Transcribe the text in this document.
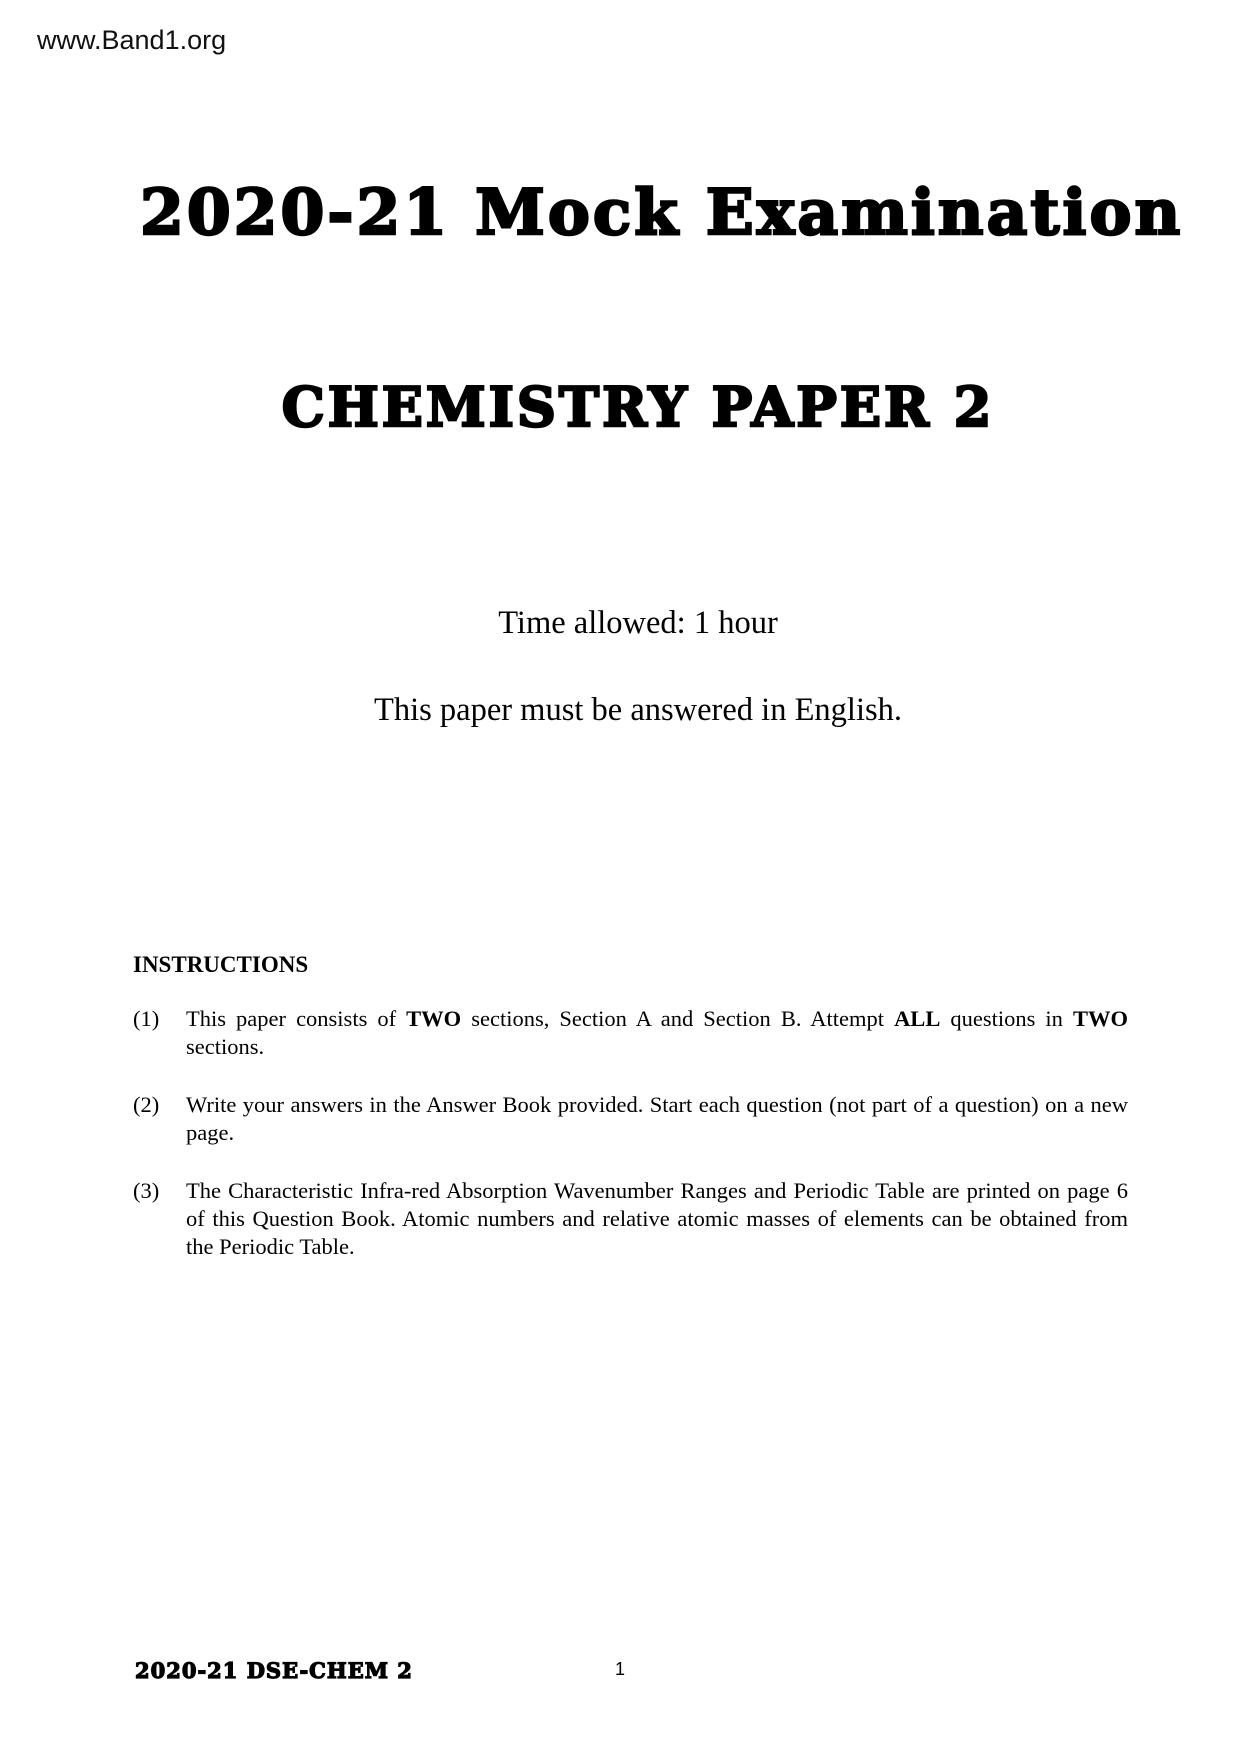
www.Band1.org
2020-21 Mock Examination
CHEMISTRY PAPER 2
Time allowed: 1 hour
This paper must be answered in English.
INSTRUCTIONS
(1) This paper consists of TWO sections, Section A and Section B. Attempt ALL questions in TWO sections.
(2) Write your answers in the Answer Book provided. Start each question (not part of a question) on a new page.
(3) The Characteristic Infra-red Absorption Wavenumber Ranges and Periodic Table are printed on page 6 of this Question Book. Atomic numbers and relative atomic masses of elements can be obtained from the Periodic Table.
2020-21 DSE-CHEM 2	1
